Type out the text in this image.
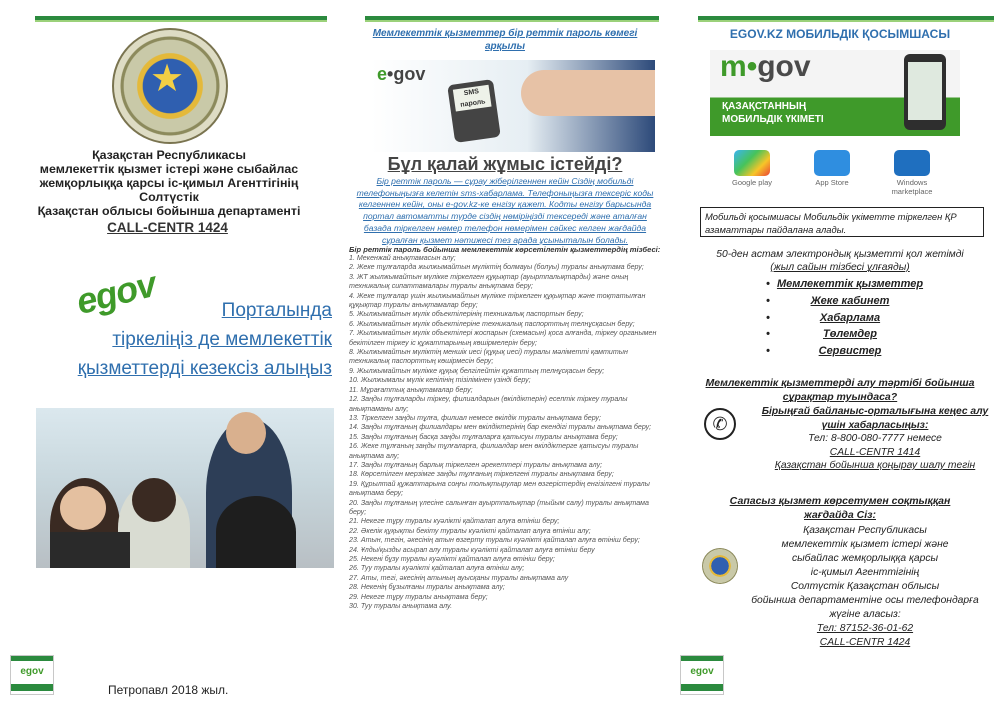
★
Қазақстан Республикасы
мемлекеттік қызмет істері және сыбайлас
жемқорлыққа қарсы іс-қимыл Агенттігінің Солтүстік
Қазақстан облысы бойынша департаменті
CALL-CENTR 1424
egov	Порталында
тіркеліңіз де мемлекеттік
қызметтерді кезексіз алыңыз
egov
Петропавл 2018 жыл.
Мемлекеттік қызметтер бір реттік пароль көмегі арқылы
e•gov
SMS пароль
Бұл қалай жұмыс істейді?
Бір реттік пароль — сұрау жіберілгеннен кейін Сіздің мобильді телефоныңызға келетін sms-хабарлама. Телефоныңызға тексеріс коды келгеннен кейін, оны e-gov.kz-ке енгізу қажет. Кодты енгізу барысында портал автоматты түрде сіздің нөміріңізді тексереді және аталған базада тіркелген нөмер телефон нөмерімен сәйкес келген жағдайда сұралған қызмет нәтижесі тез арада ұсыныталын болады.
Бір реттік пароль бойынша мемлекеттік көрсетілетін қызметтердің тізбесі:
1. Мекенжай анықтамасын алу;
2. Жеке тұлғаларда жылжымайтын мүліктің болмауы (болуы) туралы анықтама беру;
3. ЖТ жылжымайтын мүлікке тіркелген құқықтар (ауыртпалықтарды) және оның техникалық сипаттамалары туралы анықтама беру;
4. Жеке тұлғалар үшін жылжымайтын мүлікке тіркелген құқықтар және тоқтатылған құқықтар туралы анықтамалар беру;
5. Жылжымайтын мүлік объектілерінің техникалық паспортын беру;
6. Жылжымайтын мүлік объектілеріне техникалық паспорттың телнұсқасын беру;
7. Жылжымайтын мүлік объектілері жоспарын (схемасын) қоса алғанда, тіркеу органымен бекітілген тіркеу іс құжаттарының көшірмелерін беру;
8. Жылжымайтын мүліктің меншік иесі (құқық иесі) туралы мәліметті қамтитын техникалық паспорттың көшірмесін беру;
9. Жылжымайтын мүлікке құқық белгілейтін құжаттың телнұсқасын беру;
10. Жылжымалы мүлік кепілінің тізілімінен үзінді беру;
11. Мұрағаттық анықтамалар беру;
12. Заңды тұлғаларды тіркеу, филиалдарын (өкілдіктерін) есептік тіркеу туралы анықтаманы алу;
13. Тіркелген заңды тұлға, филиал немесе өкілдік туралы анықтама беру;
14. Заңды тұлғаның филиалдары мен өкілдіктерінің бар екендігі туралы анықтама беру;
15. Заңды тұлғаның басқа заңды тұлғаларға қатысуы туралы анықтама беру;
16. Жеке тұлғаның заңды тұлғаларға, филиалдар мен өкілдіктерге қатысуы туралы анықтама алу;
17. Заңды тұлғаның барлық тіркелген әрекеттері туралы анықтама алу;
18. Көрсетілген мерзімге заңды тұлғаның тіркелгені туралы анықтама беру;
19. Құрылтай құжаттарына соңғы толықтырулар мен өзгерістердің енгізілгені туралы анықтама беру;
20. Заңды тұлғаның үлесіне салынған ауыртпалықтар (тыйым салу) туралы анықтама беру;
21. Некеге тұру туралы куәлікті қайталап алуға өтініш беру;
22. Әкелік құқықты бекіту туралы куәлікті қайталап алуға өтініш алу;
23. Атын, тегін, әкесінің атын өзгерту туралы куәлікті қайталап алуға өтініш беру;
24. Ұлды/қызды асырап алу туралы куәлікті қайталап алуға өтініш беру
25. Некені бұзу туралы куәлікті қайталап алуға өтініш беру;
26. Туу туралы куәлікті қайталап алуға өтініш алу;
27. Аты, тегі, әкесінің атының ауысқаны туралы анықтама алу
28. Некенің бұзылғаны туралы анықтама алу;
29. Некеге тұру туралы анықтама беру;
30. Туу туралы анықтама алу.
EGOV.KZ МОБИЛЬДІК ҚОСЫМШАСЫ
m•gov
ҚАЗАҚСТАННЫҢ
МОБИЛЬДІК ҮКІМЕТІ
Google play	App Store	Windows marketplace
Мобильді қосымшасы Мобильдік үкіметте тіркелген ҚР азаматтары пайдалана алады.
50-ден астам электрондық қызметті қол жетімді
(жыл сайын тізбесі ұлғаяды)
• Мемлекеттік қызметтер
• Жеке кабинет
• Хабарлама
• Төлемдер
• Сервистер
Мемлекеттік қызметтерді алу тәртібі бойынша сұрақтар туындаса?
✆
Бірыңғай байланыс-орталығына кеңес алу үшін хабарласыңыз:
Тел: 8-800-080-7777 немесе
CALL-CENTR 1414
Қазақстан бойынша қоңырау шалу тегін
Сапасыз қызмет көрсетумен соқтыққан жағдайда Сіз:
Қазақстан Республикасы
мемлекеттік қызмет істері және
сыбайлас жемқорлыққа қарсы
іс-қимыл Агенттігінің
Солтүстік Қазақстан облысы
бойынша департаментіне осы телефондарға
жүгіне аласыз:
Тел: 87152-36-01-62
CALL-CENTR 1424
egov
